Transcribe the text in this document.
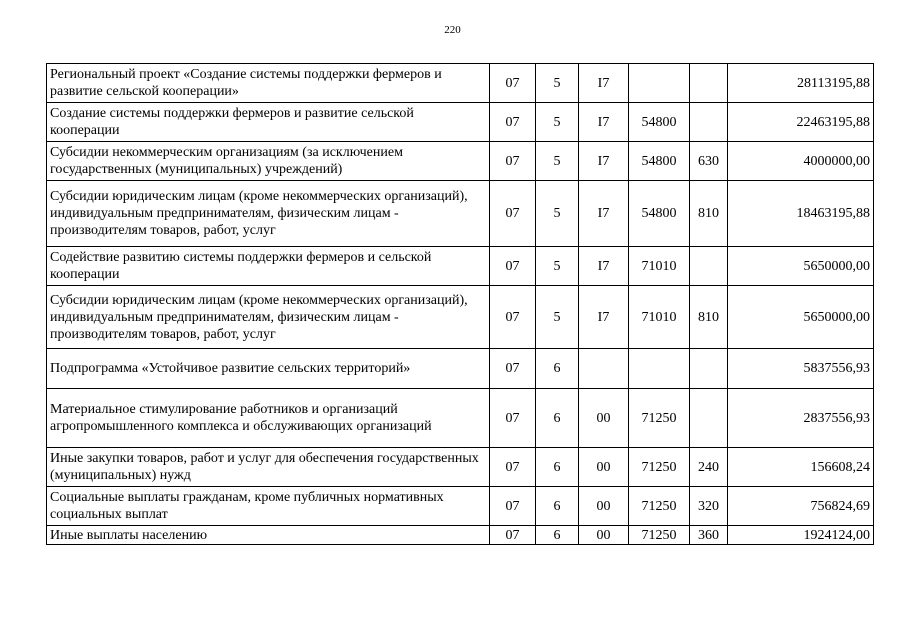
220
Региональный проект «Создание системы поддержки фермеров и развитие сельской кооперации»	07	5	I7			28113195,88
Создание системы поддержки фермеров и развитие сельской кооперации	07	5	I7	54800		22463195,88
Субсидии некоммерческим организациям (за исключением государственных (муниципальных) учреждений)	07	5	I7	54800	630	4000000,00
Субсидии юридическим лицам (кроме некоммерческих организаций), индивидуальным предпринимателям, физическим лицам - производителям товаров, работ, услуг	07	5	I7	54800	810	18463195,88
Содействие развитию системы поддержки фермеров и сельской кооперации	07	5	I7	71010		5650000,00
Субсидии юридическим лицам (кроме некоммерческих организаций), индивидуальным предпринимателям, физическим лицам - производителям товаров, работ, услуг	07	5	I7	71010	810	5650000,00
Подпрограмма «Устойчивое развитие сельских территорий»	07	6				5837556,93
Материальное стимулирование работников и организаций агропромышленного комплекса и обслуживающих организаций	07	6	00	71250		2837556,93
Иные закупки товаров, работ и услуг для обеспечения государственных (муниципальных) нужд	07	6	00	71250	240	156608,24
Социальные выплаты гражданам, кроме публичных нормативных социальных выплат	07	6	00	71250	320	756824,69
Иные выплаты населению	07	6	00	71250	360	1924124,00
